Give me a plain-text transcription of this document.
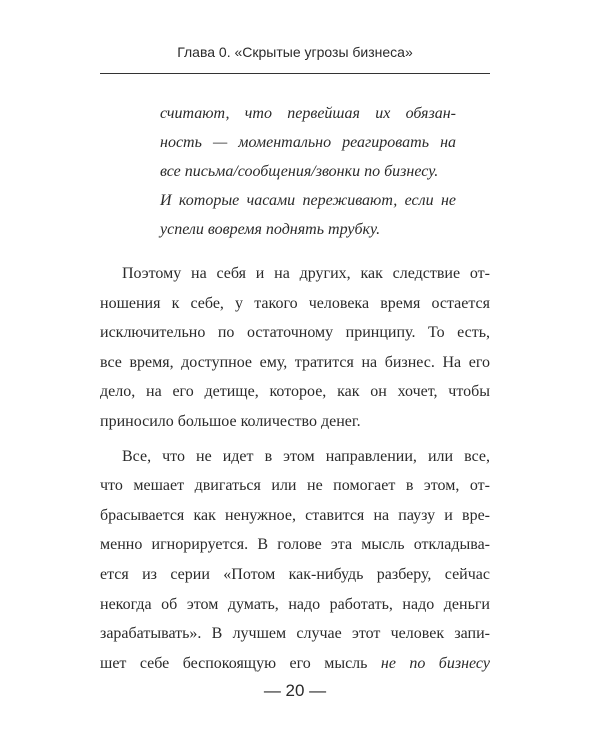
Глава 0. «Скрытые угрозы бизнеса»
считают, что первейшая их обязан-
ность — моментально реагировать на
все письма/сообщения/звонки по бизнесу.
И которые часами переживают, если не
успели вовремя поднять трубку.
Поэтому на себя и на других, как следствие от-
ношения к себе, у такого человека время остается
исключительно по остаточному принципу. То есть,
все время, доступное ему, тратится на бизнес. На его
дело, на его детище, которое, как он хочет, чтобы
приносило большое количество денег.
Все, что не идет в этом направлении, или все,
что мешает двигаться или не помогает в этом, от-
брасывается как ненужное, ставится на паузу и вре-
менно игнорируется. В голове эта мысль откладыва-
ется из серии «Потом как-нибудь разберу, сейчас
некогда об этом думать, надо работать, надо деньги
зарабатывать». В лучшем случае этот человек запи-
шет себе беспокоящую его мысль не по бизнесу
— 20 —
